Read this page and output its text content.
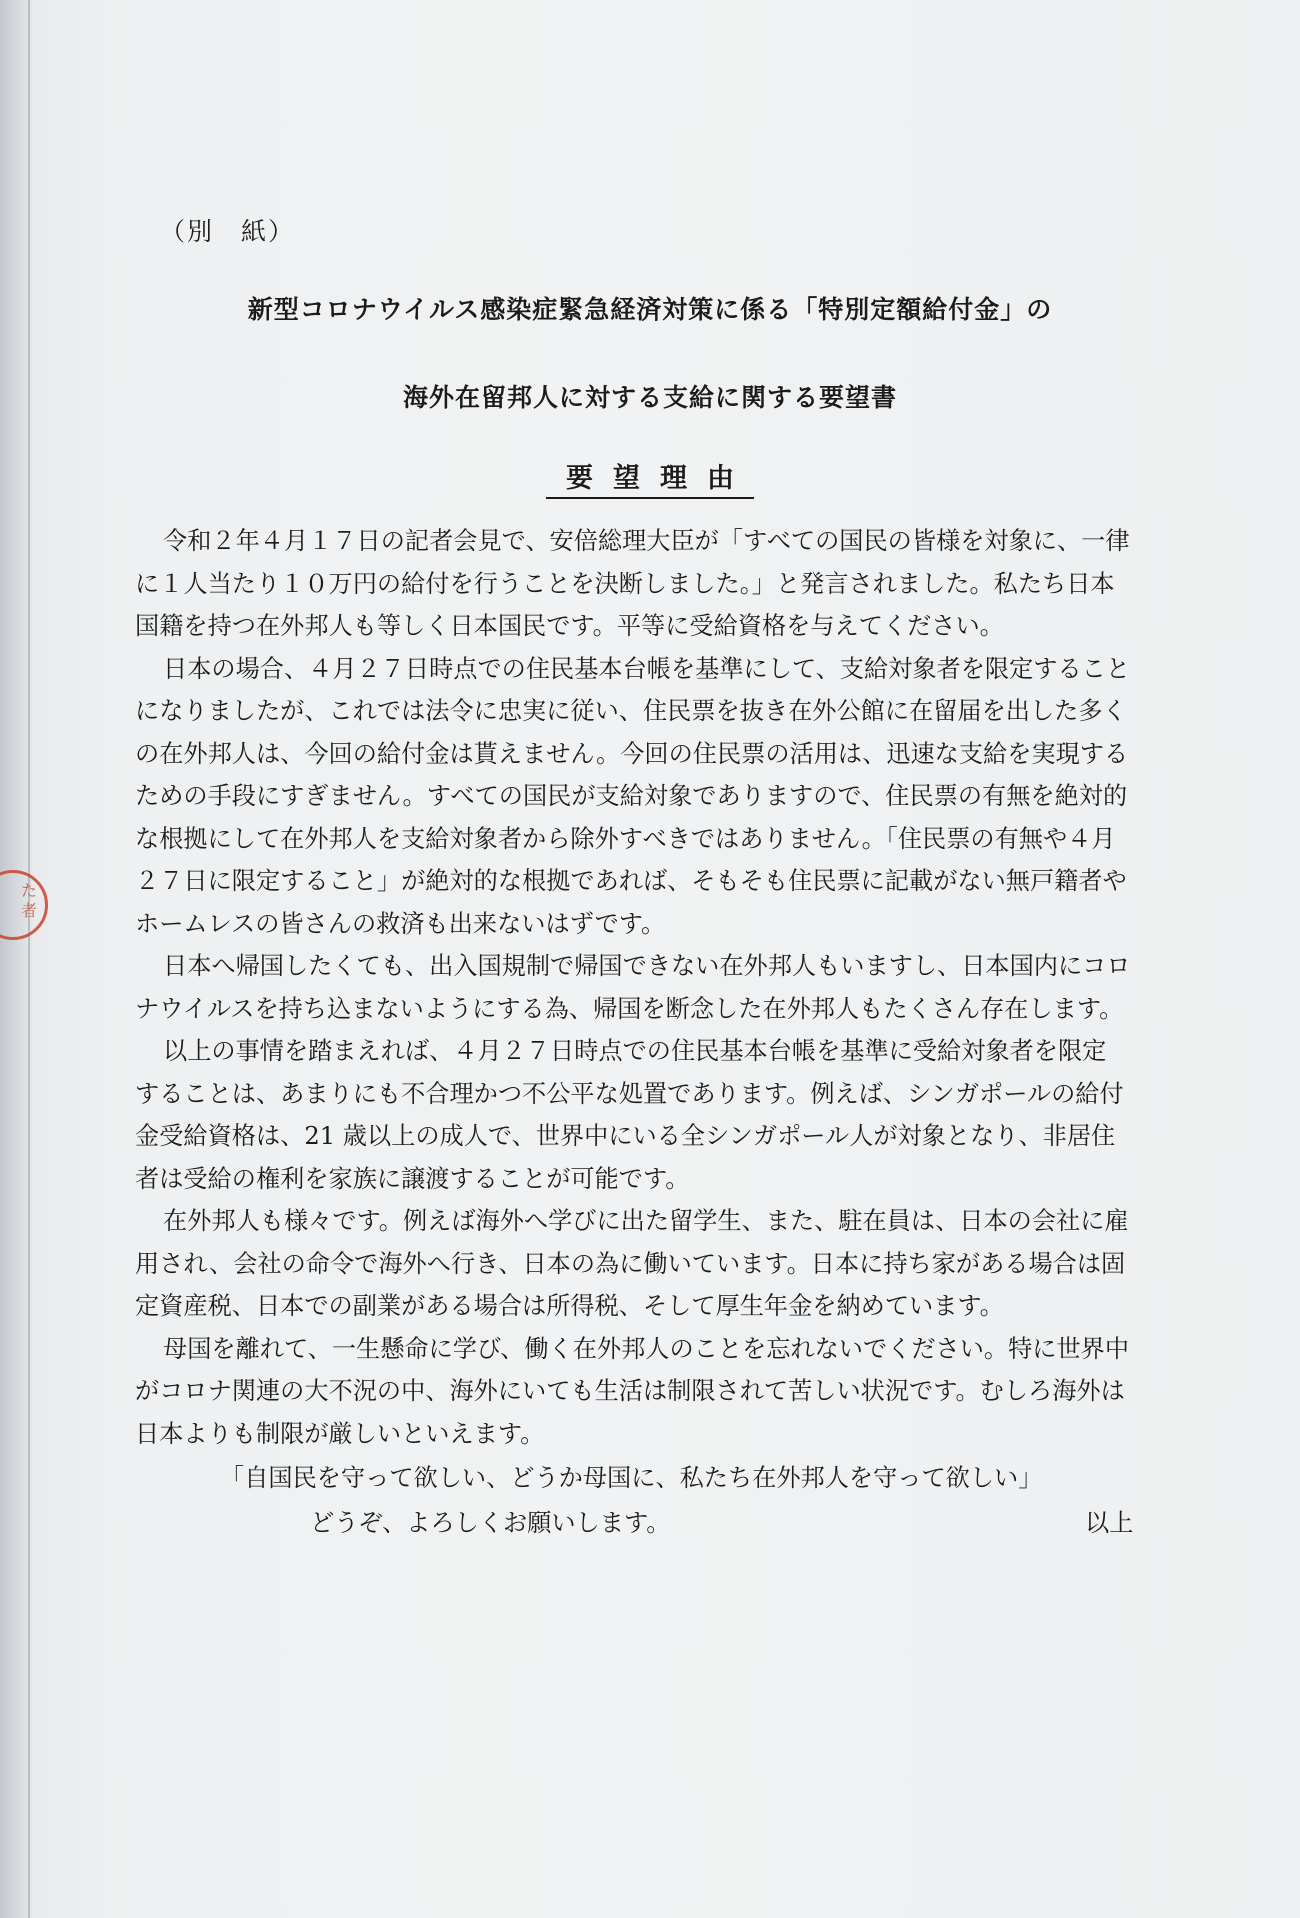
た
者
（別　紙）
新型コロナウイルス感染症緊急経済対策に係る「特別定額給付金」の
海外在留邦人に対する支給に関する要望書
要望理由
令和２年４月１７日の記者会見で、安倍総理大臣が「すべての国民の皆様を対象に、一律
に１人当たり１０万円の給付を行うことを決断しました。」と発言されました。私たち日本
国籍を持つ在外邦人も等しく日本国民です。平等に受給資格を与えてください。
日本の場合、４月２７日時点での住民基本台帳を基準にして、支給対象者を限定すること
になりましたが、これでは法令に忠実に従い、住民票を抜き在外公館に在留届を出した多く
の在外邦人は、今回の給付金は貰えません。今回の住民票の活用は、迅速な支給を実現する
ための手段にすぎません。すべての国民が支給対象でありますので、住民票の有無を絶対的
な根拠にして在外邦人を支給対象者から除外すべきではありません。「住民票の有無や４月
２７日に限定すること」が絶対的な根拠であれば、そもそも住民票に記載がない無戸籍者や
ホームレスの皆さんの救済も出来ないはずです。
日本へ帰国したくても、出入国規制で帰国できない在外邦人もいますし、日本国内にコロ
ナウイルスを持ち込まないようにする為、帰国を断念した在外邦人もたくさん存在します。
以上の事情を踏まえれば、４月２７日時点での住民基本台帳を基準に受給対象者を限定
することは、あまりにも不合理かつ不公平な処置であります。例えば、シンガポールの給付
金受給資格は、21 歳以上の成人で、世界中にいる全シンガポール人が対象となり、非居住
者は受給の権利を家族に譲渡することが可能です。
在外邦人も様々です。例えば海外へ学びに出た留学生、また、駐在員は、日本の会社に雇
用され、会社の命令で海外へ行き、日本の為に働いています。日本に持ち家がある場合は固
定資産税、日本での副業がある場合は所得税、そして厚生年金を納めています。
母国を離れて、一生懸命に学び、働く在外邦人のことを忘れないでください。特に世界中
がコロナ関連の大不況の中、海外にいても生活は制限されて苦しい状況です。むしろ海外は
日本よりも制限が厳しいといえます。
「自国民を守って欲しい、どうか母国に、私たち在外邦人を守って欲しい」
どうぞ、よろしくお願いします。	以上
